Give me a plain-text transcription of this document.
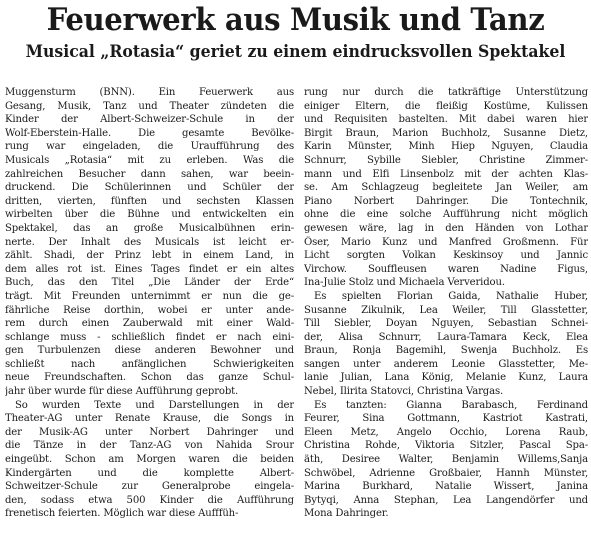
Feuerwerk aus Musik und Tanz
Musical „Rotasia“ geriet zu einem eindrucksvollen Spektakel
Muggensturm (BNN). Ein Feuerwerk aus
Gesang, Musik, Tanz und Theater zündeten die
Kinder der Albert-Schweizer-Schule in der
Wolf-Eberstein-Halle. Die gesamte Bevölke-
rung war eingeladen, die Uraufführung des
Musicals „Rotasia“ mit zu erleben. Was die
zahlreichen Besucher dann sahen, war beein-
druckend. Die Schülerinnen und Schüler der
dritten, vierten, fünften und sechsten Klassen
wirbelten über die Bühne und entwickelten ein
Spektakel, das an große Musicalbühnen erin-
nerte. Der Inhalt des Musicals ist leicht er-
zählt. Shadi, der Prinz lebt in einem Land, in
dem alles rot ist. Eines Tages findet er ein altes
Buch, das den Titel „Die Länder der Erde“
trägt. Mit Freunden unternimmt er nun die ge-
fährliche Reise dorthin, wobei er unter ande-
rem durch einen Zauberwald mit einer Wald-
schlange muss - schließlich findet er nach eini-
gen Turbulenzen diese anderen Bewohner und
schließt nach anfänglichen Schwierigkeiten
neue Freundschaften. Schon das ganze Schul-
jahr über wurde für diese Aufführung geprobt.
So wurden Texte und Darstellungen in der
Theater-AG unter Renate Krause, die Songs in
der Musik-AG unter Norbert Dahringer und
die Tänze in der Tanz-AG von Nahida Srour
eingeübt. Schon am Morgen waren die beiden
Kindergärten und die komplette Albert-
Schweitzer-Schule zur Generalprobe eingela-
den, sodass etwa 500 Kinder die Aufführung
frenetisch feierten. Möglich war diese Aufffüh-
rung nur durch die tatkräftige Unterstützung
einiger Eltern, die fleißig Kostüme, Kulissen
und Requisiten bastelten. Mit dabei waren hier
Birgit Braun, Marion Buchholz, Susanne Dietz,
Karin Münster, Minh Hiep Nguyen, Claudia
Schnurr, Sybille Siebler, Christine Zimmer-
mann und Elfi Linsenbolz mit der achten Klas-
se. Am Schlagzeug begleitete Jan Weiler, am
Piano Norbert Dahringer. Die Tontechnik,
ohne die eine solche Aufführung nicht möglich
gewesen wäre, lag in den Händen von Lothar
Öser, Mario Kunz und Manfred Großmenn. Für
Licht sorgten Volkan Keskinsoy und Jannic
Virchow. Souffleusen waren Nadine Figus,
Ina-Julie Stolz und Michaela Ververidou.
Es spielten Florian Gaida, Nathalie Huber,
Susanne Zikulnik, Lea Weiler, Till Glasstetter,
Till Siebler, Doyan Nguyen, Sebastian Schnei-
der, Alisa Schnurr, Laura-Tamara Keck, Elea
Braun, Ronja Bagemihl, Swenja Buchholz. Es
sangen unter anderem Leonie Glasstetter, Me-
lanie Julian, Lana König, Melanie Kunz, Laura
Nebel, Ilirita Statovci, Christina Vargas.
Es tanzten: Gianna Barabasch, Ferdinand
Feurer, Sina Gottmann, Kastriot Kastrati,
Eleen Metz, Angelo Occhio, Lorena Raub,
Christina Rohde, Viktoria Sitzler, Pascal Spa-
äth, Desiree Walter, Benjamin Willems,Sanja
Schwöbel, Adrienne Großbaier, Hannh Münster,
Marina Burkhard, Natalie Wissert, Janina
Bytyqi, Anna Stephan, Lea Langendörfer und
Mona Dahringer.
